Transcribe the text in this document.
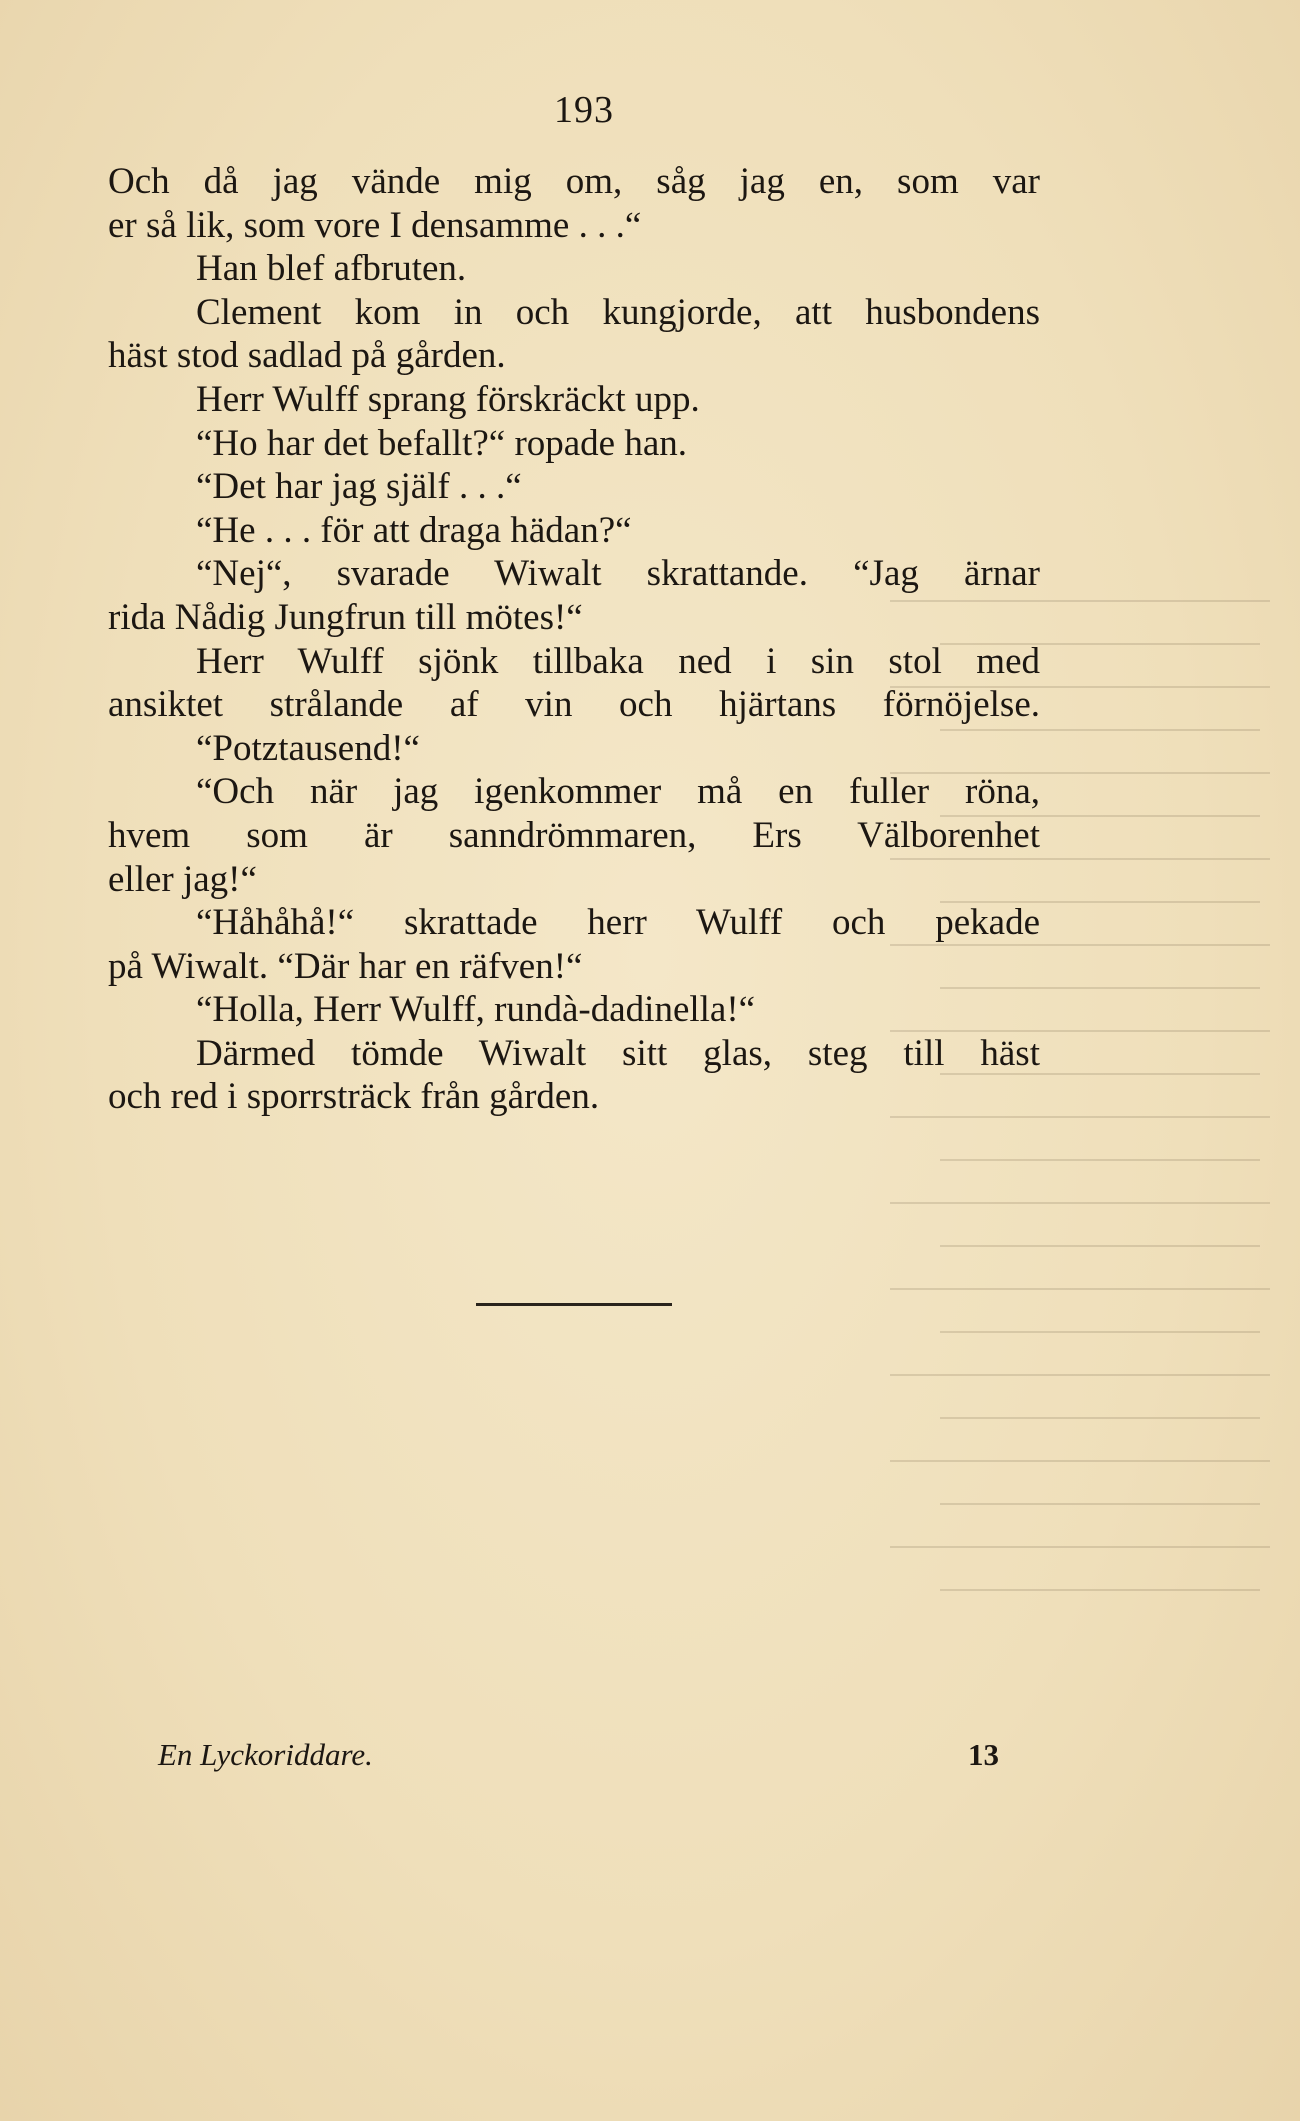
193
Och då jag vände mig om, såg jag en, som var
er så lik, som vore I densamme . . .“
Han blef afbruten.
Clement kom in och kungjorde, att husbondens
häst stod sadlad på gården.
Herr Wulff sprang förskräckt upp.
“Ho har det befallt?“ ropade han.
“Det har jag själf . . .“
“He . . . för att draga hädan?“
“Nej“, svarade Wiwalt skrattande. “Jag ärnar
rida Nådig Jungfrun till mötes!“
Herr Wulff sjönk tillbaka ned i sin stol med
ansiktet strålande af vin och hjärtans förnöjelse.
“Potztausend!“
“Och när jag igenkommer må en fuller röna,
hvem som är sanndrömmaren, Ers Välborenhet
eller jag!“
“Håhåhå!“ skrattade herr Wulff och pekade
på Wiwalt. “Där har en räfven!“
“Holla, Herr Wulff, rundà-dadinella!“
Därmed tömde Wiwalt sitt glas, steg till häst
och red i sporrsträck från gården.
En Lyckoriddare.	13
